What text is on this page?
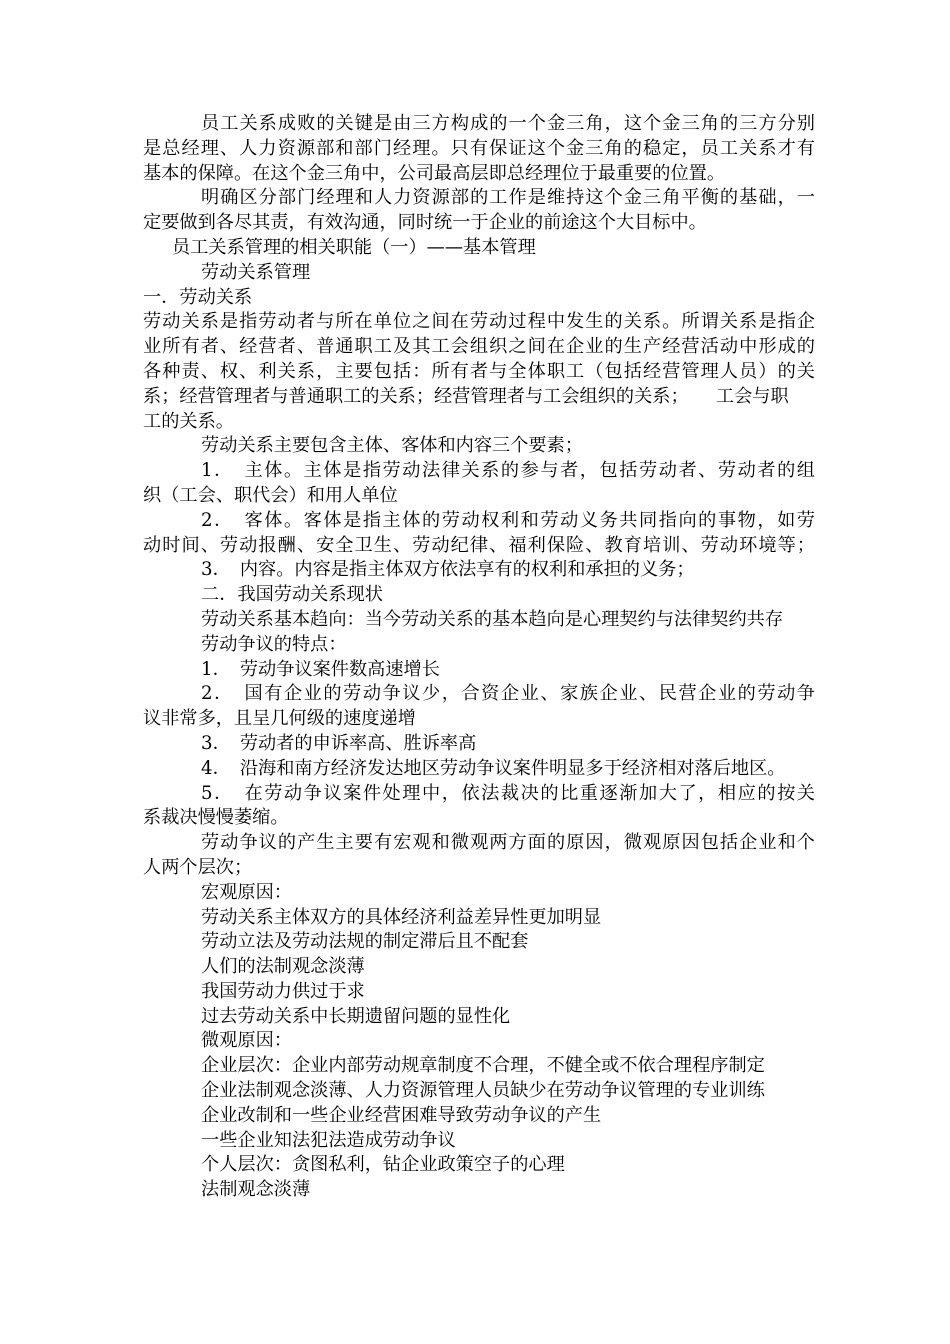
员工关系成败的关键是由三方构成的一个金三角，这个金三角的三方分别
是总经理、人力资源部和部门经理。只有保证这个金三角的稳定，员工关系才有
基本的保障。在这个金三角中，公司最高层即总经理位于最重要的位置。
明确区分部门经理和人力资源部的工作是维持这个金三角平衡的基础，一
定要做到各尽其责，有效沟通，同时统一于企业的前途这个大目标中。
员工关系管理的相关职能（一）——基本管理
劳动关系管理
一．劳动关系
劳动关系是指劳动者与所在单位之间在劳动过程中发生的关系。所谓关系是指企
业所有者、经营者、普通职工及其工会组织之间在企业的生产经营活动中形成的
各种责、权、利关系，主要包括：所有者与全体职工（包括经营管理人员）的关
系；经营管理者与普通职工的关系；经营管理者与工会组织的关系；　　工会与职
工的关系。
劳动关系主要包含主体、客体和内容三个要素；
1．　主体。主体是指劳动法律关系的参与者，包括劳动者、劳动者的组
织（工会、职代会）和用人单位
2．　客体。客体是指主体的劳动权利和劳动义务共同指向的事物，如劳
动时间、劳动报酬、安全卫生、劳动纪律、福利保险、教育培训、劳动环境等；
3．　内容。内容是指主体双方依法享有的权利和承担的义务；
二．我国劳动关系现状
劳动关系基本趋向：当今劳动关系的基本趋向是心理契约与法律契约共存
劳动争议的特点：
1．　劳动争议案件数高速增长
2．　国有企业的劳动争议少，合资企业、家族企业、民营企业的劳动争
议非常多，且呈几何级的速度递增
3．　劳动者的申诉率高、胜诉率高
4．　沿海和南方经济发达地区劳动争议案件明显多于经济相对落后地区。
5．　在劳动争议案件处理中，依法裁决的比重逐渐加大了，相应的按关
系裁决慢慢萎缩。
劳动争议的产生主要有宏观和微观两方面的原因，微观原因包括企业和个
人两个层次；
宏观原因：
劳动关系主体双方的具体经济利益差异性更加明显
劳动立法及劳动法规的制定滞后且不配套
人们的法制观念淡薄
我国劳动力供过于求
过去劳动关系中长期遗留问题的显性化
微观原因：
企业层次：企业内部劳动规章制度不合理，不健全或不依合理程序制定
企业法制观念淡薄、人力资源管理人员缺少在劳动争议管理的专业训练
企业改制和一些企业经营困难导致劳动争议的产生
一些企业知法犯法造成劳动争议
个人层次：贪图私利，钻企业政策空子的心理
法制观念淡薄
